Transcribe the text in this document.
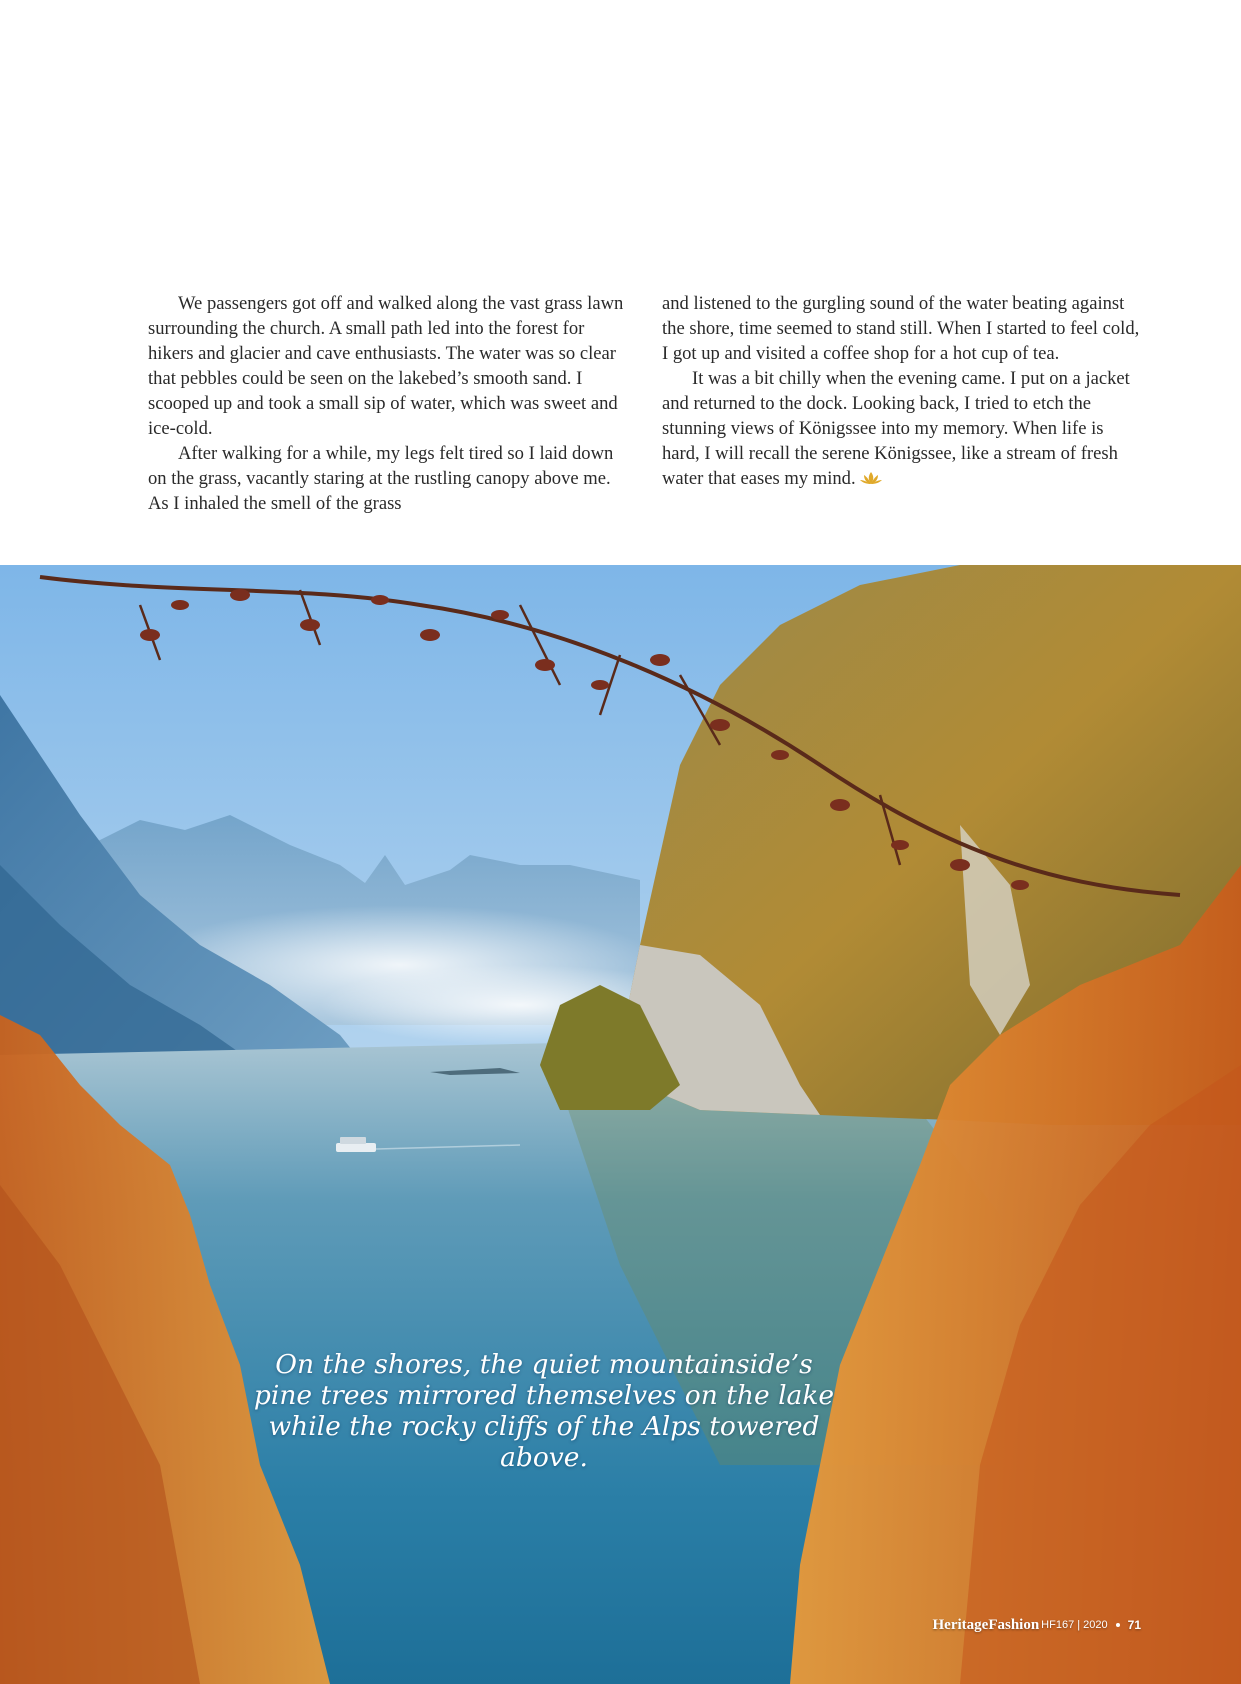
We passengers got off and walked along the vast grass lawn surrounding the church. A small path led into the forest for hikers and glacier and cave enthusiasts. The water was so clear that pebbles could be seen on the lakebed’s smooth sand. I scooped up and took a small sip of water, which was sweet and ice-cold.

After walking for a while, my legs felt tired so I laid down on the grass, vacantly staring at the rustling canopy above me. As I inhaled the smell of the grass

and listened to the gurgling sound of the water beating against the shore, time seemed to stand still. When I started to feel cold, I got up and visited a coffee shop for a hot cup of tea.

It was a bit chilly when the evening came. I put on a jacket and returned to the dock. Looking back, I tried to etch the stunning views of Königssee into my memory. When life is hard, I will recall the serene Königssee, like a stream of fresh water that eases my mind.

On the shores, the quiet mountainside’s pine trees mirrored themselves on the lake while the rocky cliffs of the Alps towered above.
HeritageFashion HF167 | 2020 71
